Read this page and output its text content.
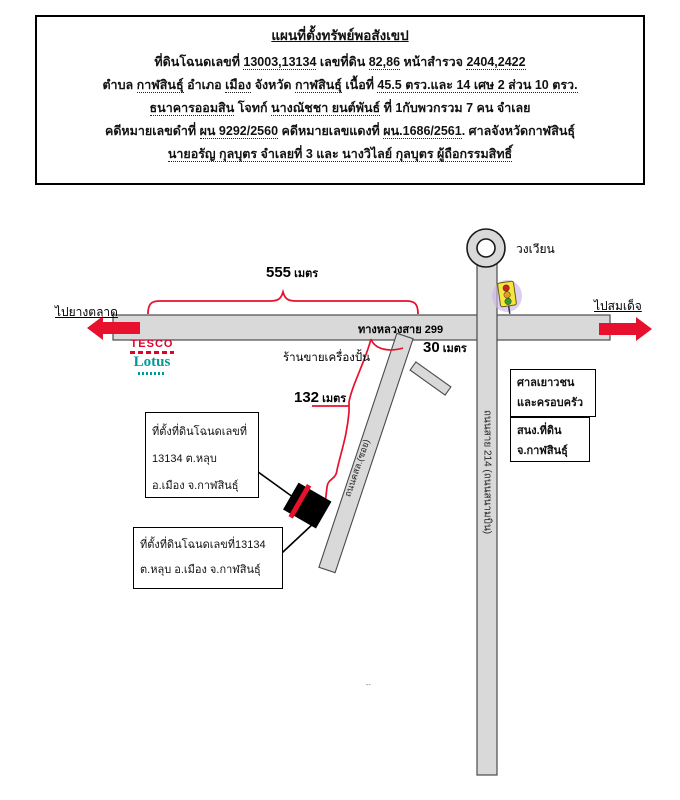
แผนที่ตั้งทรัพย์พอสังเขป
ที่ดินโฉนดเลขที่ 13003,13134 เลขที่ดิน 82,86 หน้าสำรวจ 2404,2422
ตำบล กาฬสินธุ์ อำเภอ เมือง จังหวัด กาฬสินธุ์ เนื้อที่ 45.5 ตรว.และ 14 เศษ 2 ส่วน 10 ตรว.
ธนาคารออมสิน โจทก์ นางณัชชา ยนต์พันธ์ ที่ 1กับพวกรวม 7 คน จำเลย
คดีหมายเลขดำที่ ผน 9292/2560 คดีหมายเลขแดงที่ ผน.1686/2561. ศาลจังหวัดกาฬสินธุ์
นายอรัญ กุลบุตร จำเลยที่ 3 และ นางวิไลย์ กุลบุตร ผู้ถือกรรมสิทธิ์
วงเวียน
ไปสมเด็จ
ไปยางตลาด
ทางหลวงสาย 299
555 เมตร
30 เมตร
132 เมตร
ร้านขายเครื่องปั้น
ถนนสาย 214 (ถนนสนามบิน)
ถนนคสล.(ซอย)
--
TESCO
Lotus
ศาลเยาวชน
และครอบครัว
สนง.ที่ดิน
จ.กาฬสินธุ์
ที่ตั้งที่ดินโฉนดเลขที่
13134 ต.หลุบ
อ.เมือง จ.กาฬสินธุ์
ที่ตั้งที่ดินโฉนดเลขที่13134
ต.หลุบ อ.เมือง จ.กาฬสินธุ์
